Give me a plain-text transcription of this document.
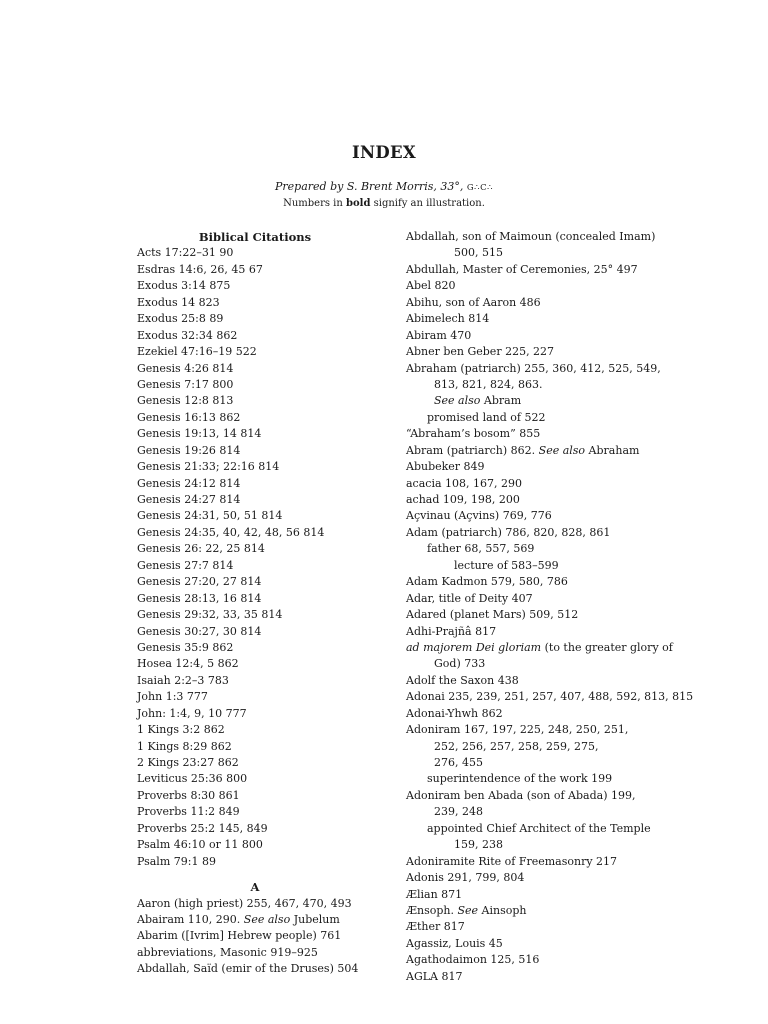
INDEX
Prepared by S. Brent Morris, 33°, G∴C∴
Numbers in bold signify an illustration.
Biblical Citations
Acts 17:22–31 90
Esdras 14:6, 26, 45 67
Exodus 3:14 875
Exodus 14 823
Exodus 25:8 89
Exodus 32:34 862
Ezekiel 47:16–19 522
Genesis 4:26 814
Genesis 7:17 800
Genesis 12:8 813
Genesis 16:13 862
Genesis 19:13, 14 814
Genesis 19:26 814
Genesis 21:33; 22:16 814
Genesis 24:12 814
Genesis 24:27 814
Genesis 24:31, 50, 51 814
Genesis 24:35, 40, 42, 48, 56 814
Genesis 26: 22, 25 814
Genesis 27:7 814
Genesis 27:20, 27 814
Genesis 28:13, 16 814
Genesis 29:32, 33, 35 814
Genesis 30:27, 30 814
Genesis 35:9 862
Hosea 12:4, 5 862
Isaiah 2:2–3 783
John 1:3 777
John: 1:4, 9, 10 777
1 Kings 3:2 862
1 Kings 8:29 862
2 Kings 23:27 862
Leviticus 25:36 800
Proverbs 8:30 861
Proverbs 11:2 849
Proverbs 25:2 145, 849
Psalm 46:10 or 11 800
Psalm 79:1 89
A
Aaron (high priest) 255, 467, 470, 493
Abairam 110, 290. See also Jubelum
Abarim ([Ivrim] Hebrew people) 761
abbreviations, Masonic 919–925
Abdallah, Saïd (emir of the Druses) 504
Abdallah, son of Maimoun (concealed Imam)
500, 515
Abdullah, Master of Ceremonies, 25° 497
Abel 820
Abihu, son of Aaron 486
Abimelech 814
Abiram 470
Abner ben Geber 225, 227
Abraham (patriarch) 255, 360, 412, 525, 549,
813, 821, 824, 863.
See also Abram
promised land of 522
“Abraham’s bosom” 855
Abram (patriarch) 862. See also Abraham
Abubeker 849
acacia 108, 167, 290
achad 109, 198, 200
Açvinau (Açvins) 769, 776
Adam (patriarch) 786, 820, 828, 861
father 68, 557, 569
lecture of 583–599
Adam Kadmon 579, 580, 786
Adar, title of Deity 407
Adared (planet Mars) 509, 512
Adhi-Prajñâ 817
ad majorem Dei gloriam (to the greater glory of
God) 733
Adolf the Saxon 438
Adonai 235, 239, 251, 257, 407, 488, 592, 813, 815
Adonai-Yhwh 862
Adoniram 167, 197, 225, 248, 250, 251,
252, 256, 257, 258, 259, 275,
276, 455
superintendence of the work 199
Adoniram ben Abada (son of Abada) 199,
239, 248
appointed Chief Architect of the Temple
159, 238
Adoniramite Rite of Freemasonry 217
Adonis 291, 799, 804
Ælian 871
Ænsoph. See Ainsoph
Æther 817
Agassiz, Louis 45
Agathodaimon 125, 516
AGLA 817
